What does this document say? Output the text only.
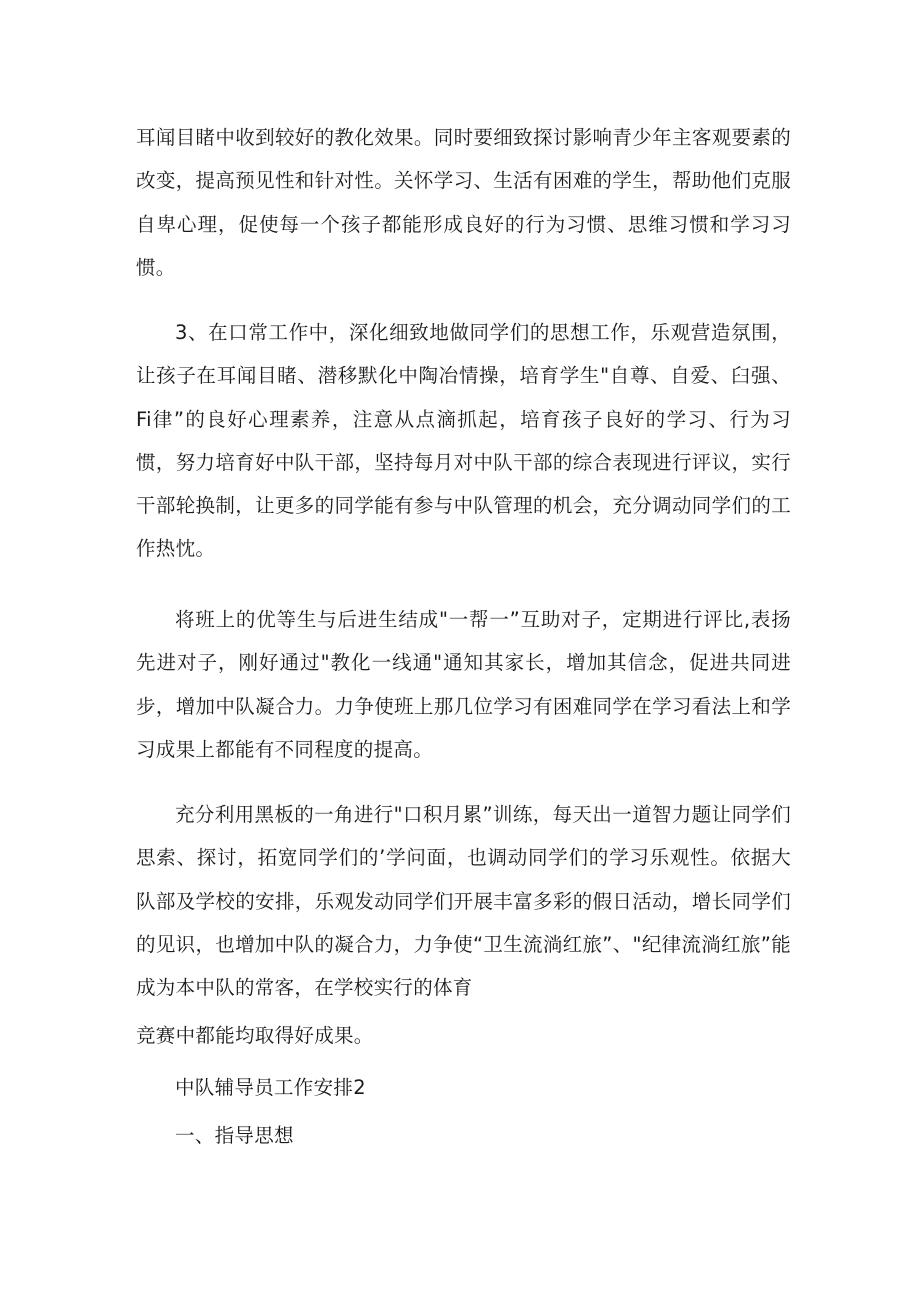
耳闻目睹中收到较好的教化效果。同时要细致探讨影响青少年主客观要素的改变，提高预见性和针对性。关怀学习、生活有困难的学生，帮助他们克服自卑心理，促使每一个孩子都能形成良好的行为习惯、思维习惯和学习习惯。

3、在口常工作中，深化细致地做同学们的思想工作，乐观营造氛围，让孩子在耳闻目睹、潜移默化中陶冶情操，培育学生"自尊、自爱、臼强、Fi律”的良好心理素养，注意从点滴抓起，培育孩子良好的学习、行为习惯，努力培育好中队干部，坚持每月对中队干部的综合表现进行评议，实行干部轮换制，让更多的同学能有参与中队管理的机会，充分调动同学们的工作热忱。

将班上的优等生与后进生结成"一帮一”互助对子，定期进行评比,表扬先进对子，刚好通过"教化一线通"通知其家长，增加其信念，促进共同进步，增加中队凝合力。力争使班上那几位学习有困难同学在学习看法上和学习成果上都能有不同程度的提高。

充分利用黑板的一角进行"口积月累”训练，每天出一道智力题让同学们思索、探讨，拓宽同学们的’学问面，也调动同学们的学习乐观性。依据大队部及学校的安排，乐观发动同学们开展丰富多彩的假日活动，增长同学们的见识，也增加中队的凝合力，力争使“卫生流淌红旅”、"纪律流淌红旅”能成为本中队的常客，在学校实行的体育

竞赛中都能均取得好成果。

中队辅导员工作安排2

一、指导思想
